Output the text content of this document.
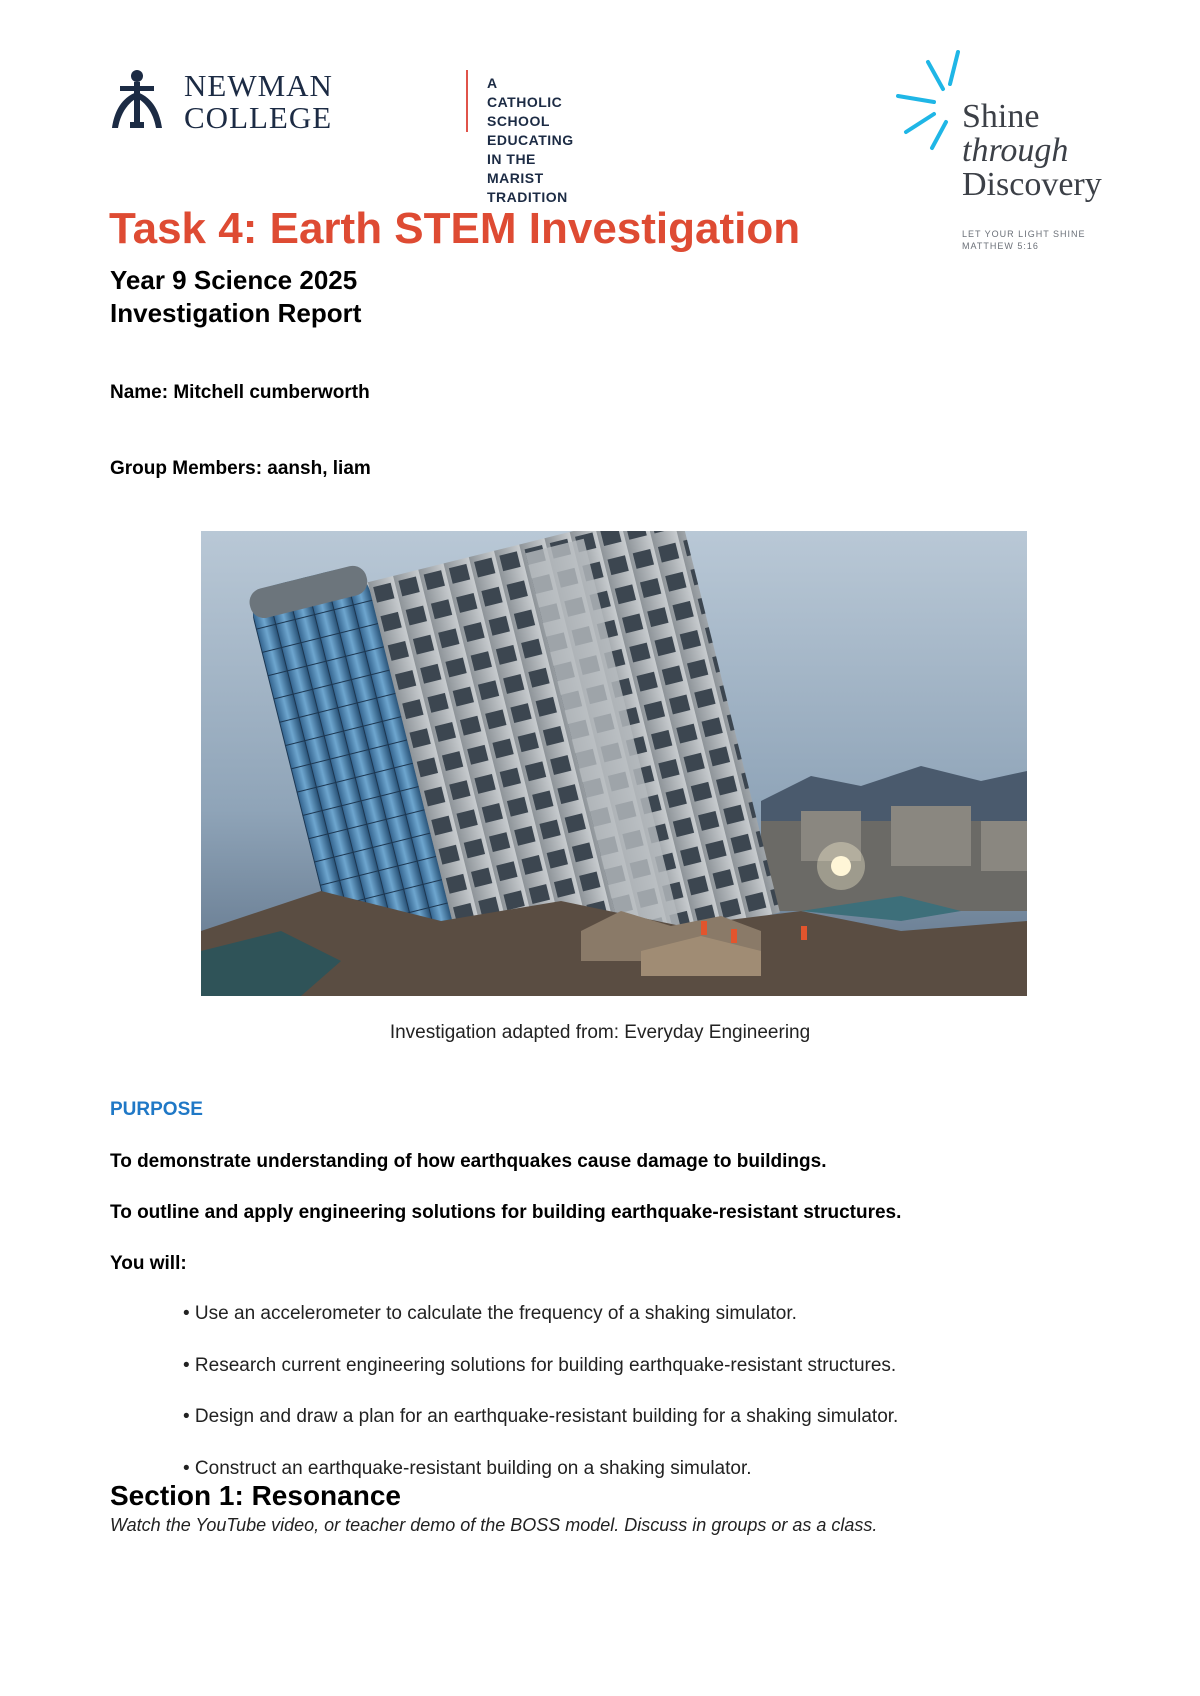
NEWMAN
COLLEGE
A CATHOLIC SCHOOL
EDUCATING IN THE
MARIST TRADITION
Shine
through
Discovery
LET YOUR LIGHT SHINE
MATTHEW 5:16
Task 4: Earth STEM Investigation
Year 9 Science 2025
Investigation Report
Name: Mitchell cumberworth
Group Members: aansh, liam
Investigation adapted from: Everyday Engineering
PURPOSE
To demonstrate understanding of how earthquakes cause damage to buildings.
To outline and apply engineering solutions for building earthquake-resistant structures.
You will:
• Use an accelerometer to calculate the frequency of a shaking simulator.
• Research current engineering solutions for building earthquake-resistant structures.
• Design and draw a plan for an earthquake-resistant building for a shaking simulator.
• Construct an earthquake-resistant building on a shaking simulator.
Section 1: Resonance
Watch the YouTube video, or teacher demo of the BOSS model. Discuss in groups or as a class.
